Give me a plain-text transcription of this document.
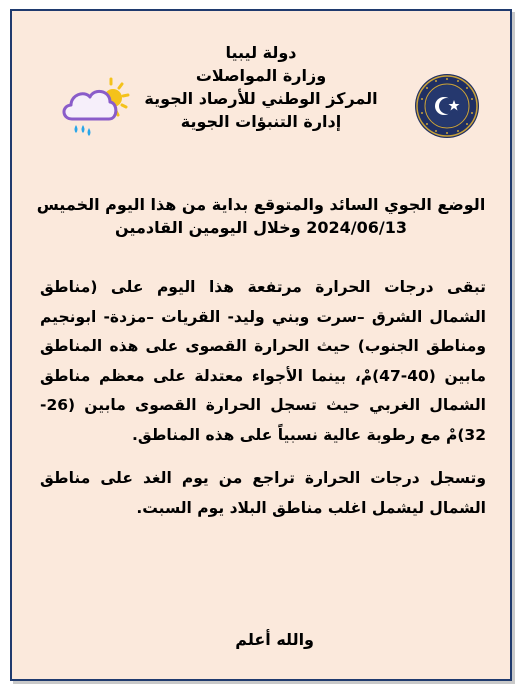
دولة ليبيا
وزارة المواصلات
المركز الوطني للأرصاد الجوية
إدارة التنبؤات الجوية
الوضع الجوي السائد والمتوقع بداية من هذا اليوم الخميس
2024/06/13 وخلال اليومين القادمين

تبقى درجات الحرارة مرتفعة هذا اليوم على (مناطق الشمال الشرق –سرت وبني وليد- القريات –مزدة- ابونجيم ومناطق الجنوب) حيث الحرارة القصوى على هذه المناطق مابين (40-47)مْ، بينما الأجواء معتدلة على معظم مناطق الشمال الغربي حيث تسجل الحرارة القصوى مابين (26-32)مْ مع رطوبة عالية نسبياً على هذه المناطق.

وتسجل درجات الحرارة تراجع من يوم الغد على مناطق الشمال ليشمل اغلب مناطق البلاد يوم السبت.

والله أعلم
